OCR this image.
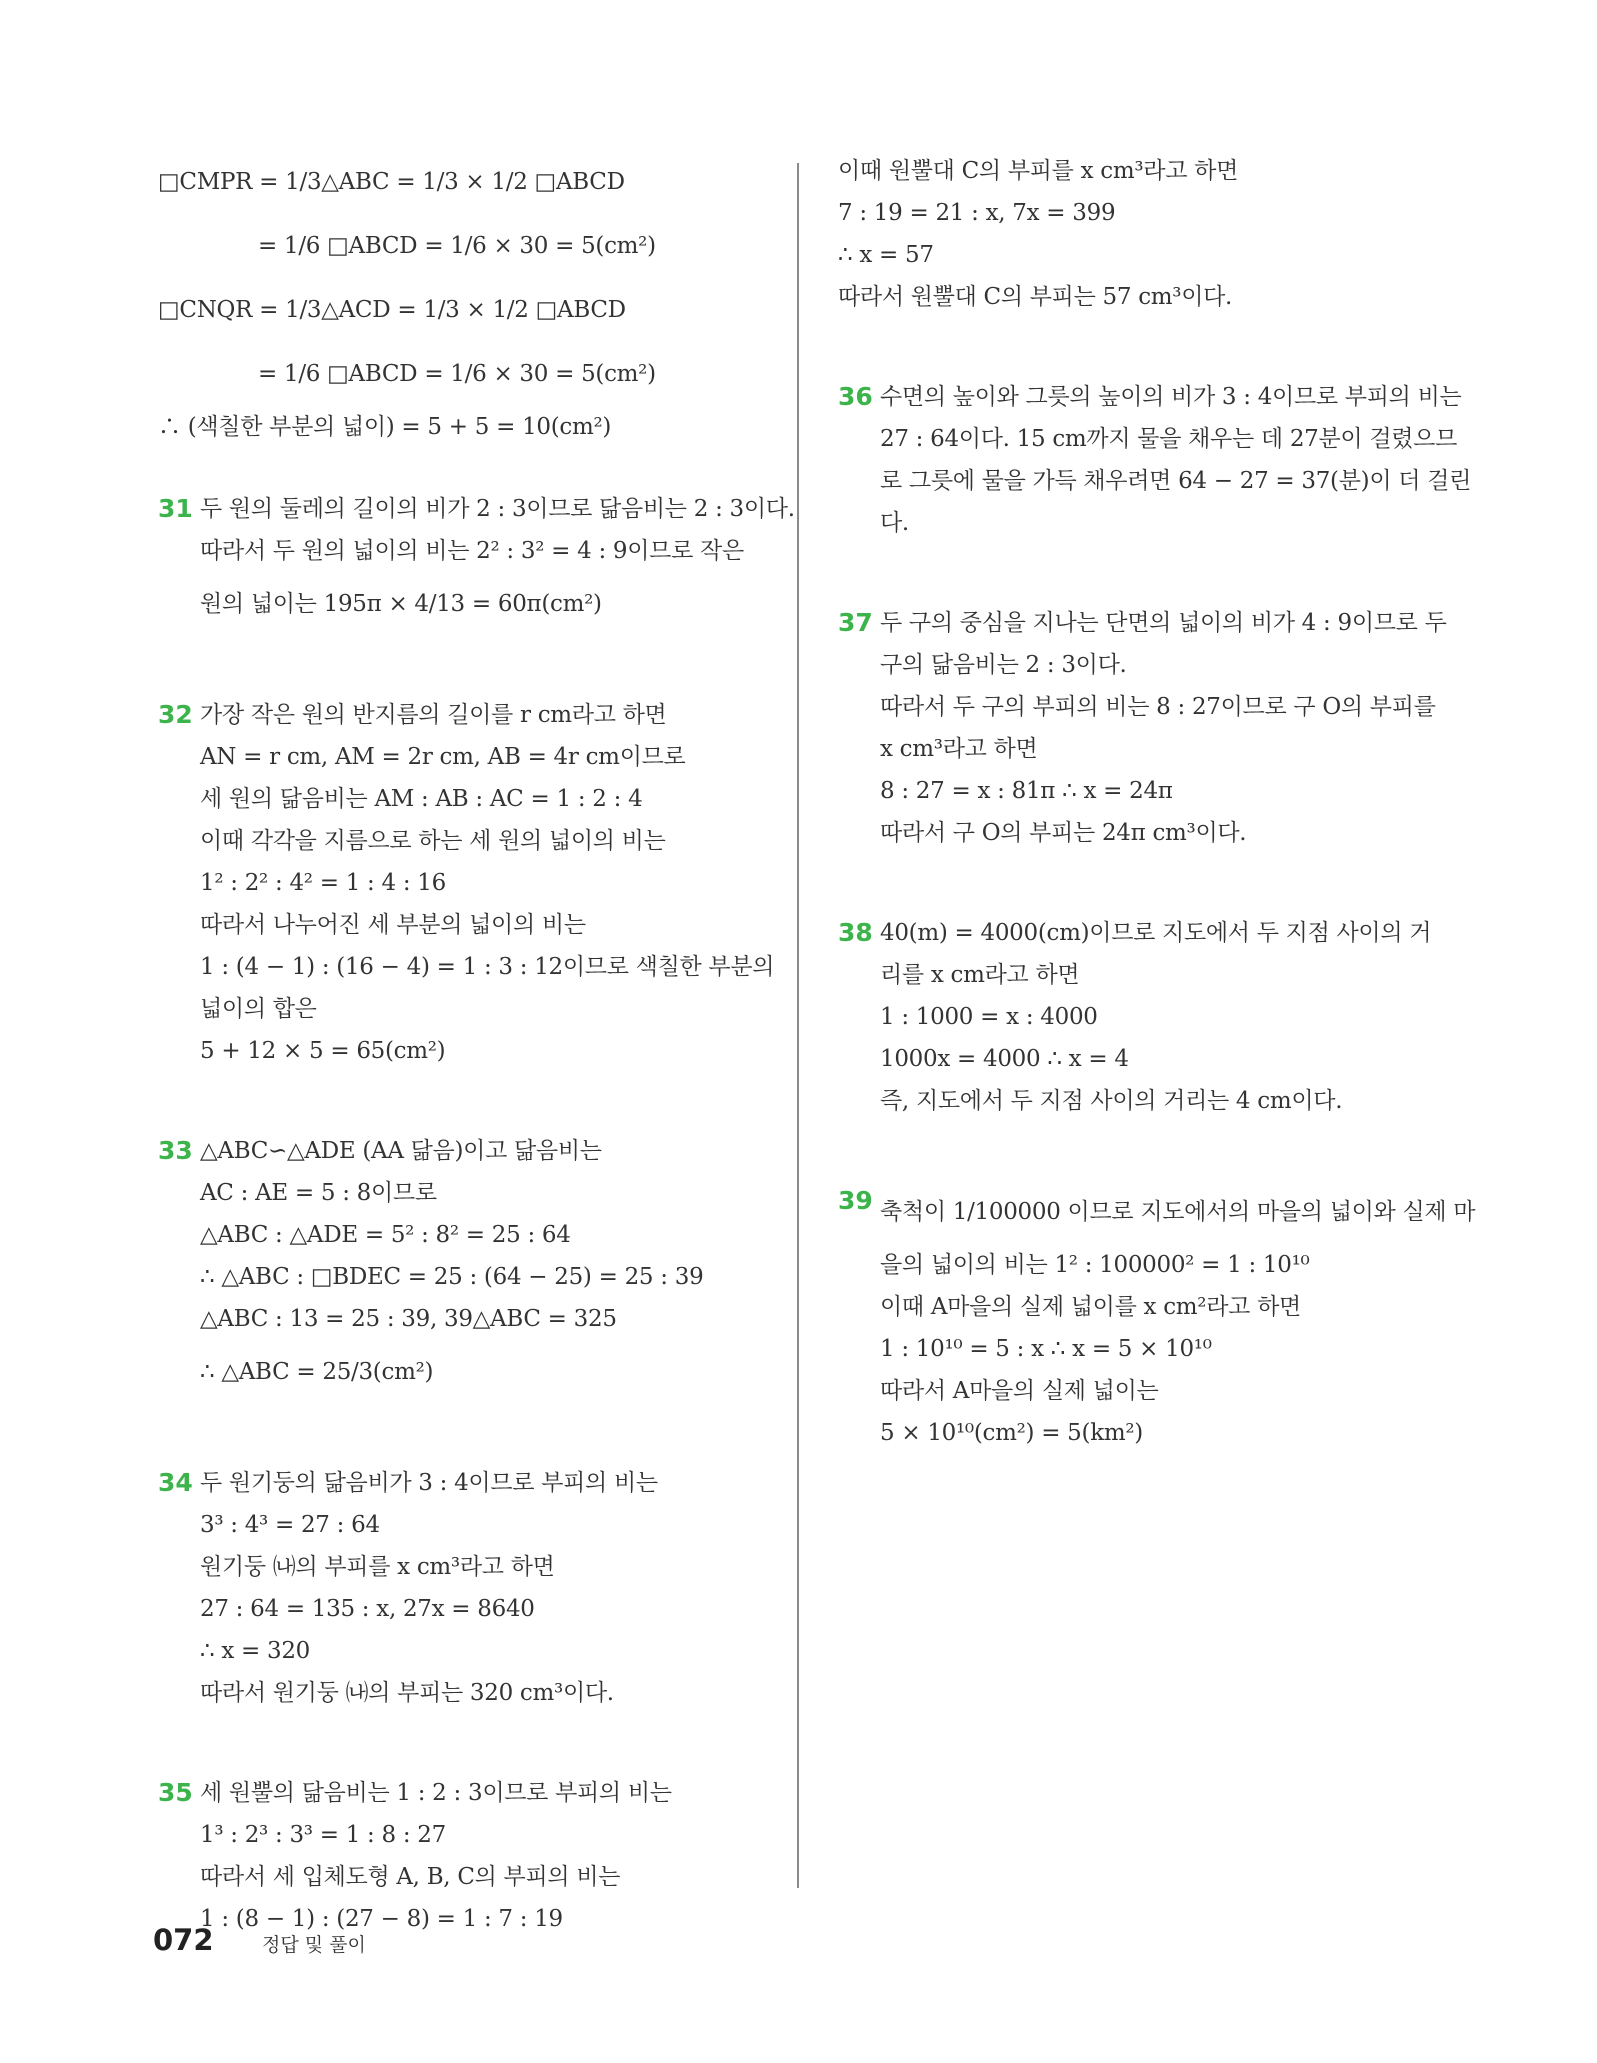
□CMPR = 1/3△ABC = 1/3 × 1/2 □ABCD
= 1/6 □ABCD = 1/6 × 30 = 5(cm²)
□CNQR = 1/3△ACD = 1/3 × 1/2 □ABCD
= 1/6 □ABCD = 1/6 × 30 = 5(cm²)
∴ (색칠한 부분의 넓이) = 5 + 5 = 10(cm²)
31 두 원의 둘레의 길이의 비가 2 : 3이므로 닮음비는 2 : 3이다.
따라서 두 원의 넓이의 비는 2² : 3² = 4 : 9이므로 작은
원의 넓이는 195π × 4/13 = 60π(cm²)
32 가장 작은 원의 반지름의 길이를 r cm라고 하면
AN = r cm, AM = 2r cm, AB = 4r cm이므로
세 원의 닮음비는 AM : AB : AC = 1 : 2 : 4
이때 각각을 지름으로 하는 세 원의 넓이의 비는
1² : 2² : 4² = 1 : 4 : 16
따라서 나누어진 세 부분의 넓이의 비는
1 : (4 − 1) : (16 − 4) = 1 : 3 : 12이므로 색칠한 부분의
넓이의 합은
5 + 12 × 5 = 65(cm²)
33 △ABC∽△ADE (AA 닮음)이고 닮음비는
AC : AE = 5 : 8이므로
△ABC : △ADE = 5² : 8² = 25 : 64
∴ △ABC : □BDEC = 25 : (64 − 25) = 25 : 39
△ABC : 13 = 25 : 39, 39△ABC = 325
∴ △ABC = 25/3(cm²)
34 두 원기둥의 닮음비가 3 : 4이므로 부피의 비는
3³ : 4³ = 27 : 64
원기둥 ㈏의 부피를 x cm³라고 하면
27 : 64 = 135 : x, 27x = 8640
∴ x = 320
따라서 원기둥 ㈏의 부피는 320 cm³이다.
35 세 원뿔의 닮음비는 1 : 2 : 3이므로 부피의 비는
1³ : 2³ : 3³ = 1 : 8 : 27
따라서 세 입체도형 A, B, C의 부피의 비는
1 : (8 − 1) : (27 − 8) = 1 : 7 : 19
이때 원뿔대 C의 부피를 x cm³라고 하면
7 : 19 = 21 : x, 7x = 399
∴ x = 57
따라서 원뿔대 C의 부피는 57 cm³이다.
36 수면의 높이와 그릇의 높이의 비가 3 : 4이므로 부피의 비는
27 : 64이다. 15 cm까지 물을 채우는 데 27분이 걸렸으므
로 그릇에 물을 가득 채우려면 64 − 27 = 37(분)이 더 걸린
다.
37 두 구의 중심을 지나는 단면의 넓이의 비가 4 : 9이므로 두
구의 닮음비는 2 : 3이다.
따라서 두 구의 부피의 비는 8 : 27이므로 구 O의 부피를
x cm³라고 하면
8 : 27 = x : 81π ∴ x = 24π
따라서 구 O의 부피는 24π cm³이다.
38 40(m) = 4000(cm)이므로 지도에서 두 지점 사이의 거
리를 x cm라고 하면
1 : 1000 = x : 4000
1000x = 4000 ∴ x = 4
즉, 지도에서 두 지점 사이의 거리는 4 cm이다.
39 축척이 1/100000 이므로 지도에서의 마을의 넓이와 실제 마
을의 넓이의 비는 1² : 100000² = 1 : 10¹⁰
이때 A마을의 실제 넓이를 x cm²라고 하면
1 : 10¹⁰ = 5 : x ∴ x = 5 × 10¹⁰
따라서 A마을의 실제 넓이는
5 × 10¹⁰(cm²) = 5(km²)
072	정답 및 풀이
